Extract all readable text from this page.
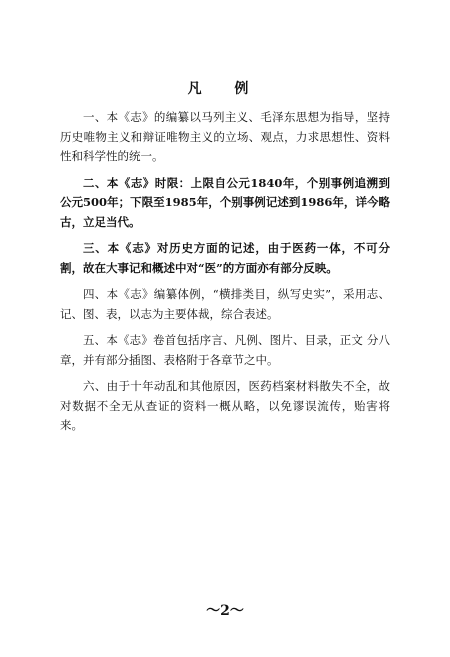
凡 例

一、本《志》的编纂以马列主义、毛泽东思想为指导，坚持历史唯物主义和辩证唯物主义的立场、观点，力求思想性、资料性和科学性的统一。

二、本《志》时限：上限自公元1840年，个别事例追溯到公元500年；下限至1985年，个别事例记述到1986年，详今略古，立足当代。

三、本《志》对历史方面的记述，由于医药一体，不可分割，故在大事记和概述中对“医”的方面亦有部分反映。

四、本《志》编纂体例，“横排类目，纵写史实”，采用志、记、图、表，以志为主要体裁，综合表述。

五、本《志》卷首包括序言、凡例、图片、目录，正文 分八章，并有部分插图、表格附于各章节之中。

六、由于十年动乱和其他原因，医药档案材料散失不全，故对数据不全无从查证的资料一概从略，以免谬误流传，贻害将来。

～2～
